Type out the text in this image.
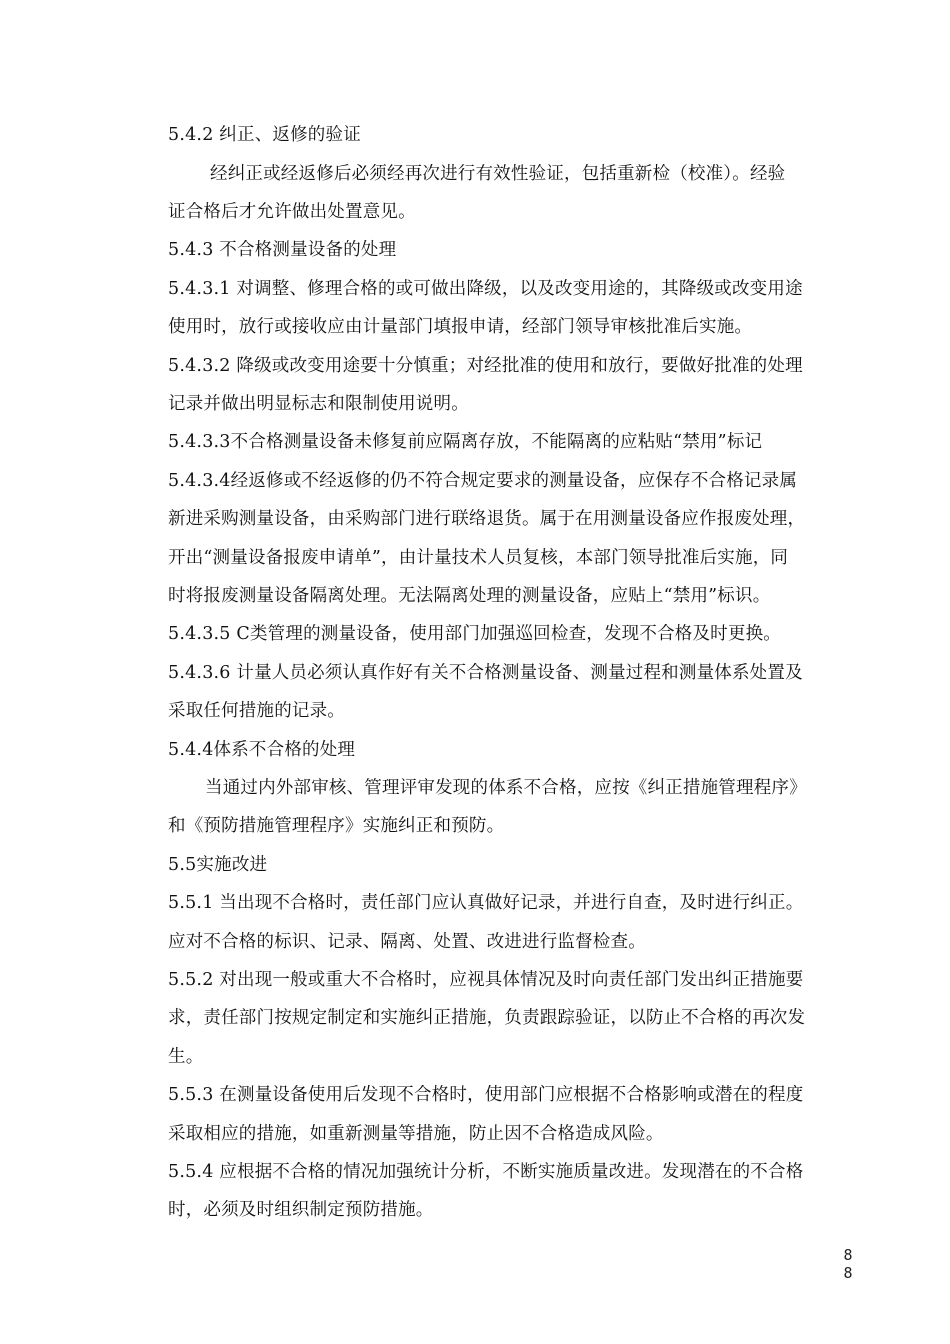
5.4.2 纠正、返修的验证
经纠正或经返修后必须经再次进行有效性验证，包括重新检（校准）。经验
证合格后才允许做出处置意见。
5.4.3 不合格测量设备的处理
5.4.3.1 对调整、修理合格的或可做出降级，以及改变用途的，其降级或改变用途
使用时，放行或接收应由计量部门填报申请，经部门领导审核批准后实施。
5.4.3.2 降级或改变用途要十分慎重；对经批准的使用和放行，要做好批准的处理
记录并做出明显标志和限制使用说明。
5.4.3.3不合格测量设备未修复前应隔离存放，不能隔离的应粘贴“禁用”标记
5.4.3.4经返修或不经返修的仍不符合规定要求的测量设备，应保存不合格记录属
新进采购测量设备，由采购部门进行联络退货。属于在用测量设备应作报废处理，
开出“测量设备报废申请单”，由计量技术人员复核，本部门领导批准后实施，同
时将报废测量设备隔离处理。无法隔离处理的测量设备，应贴上“禁用”标识。
5.4.3.5 C类管理的测量设备，使用部门加强巡回检查，发现不合格及时更换。
5.4.3.6 计量人员必须认真作好有关不合格测量设备、测量过程和测量体系处置及
采取任何措施的记录。
5.4.4体系不合格的处理
当通过内外部审核、管理评审发现的体系不合格，应按《纠正措施管理程序》
和《预防措施管理程序》实施纠正和预防。
5.5实施改进
5.5.1 当出现不合格时，责任部门应认真做好记录，并进行自查，及时进行纠正。
应对不合格的标识、记录、隔离、处置、改进进行监督检查。
5.5.2 对出现一般或重大不合格时，应视具体情况及时向责任部门发出纠正措施要
求，责任部门按规定制定和实施纠正措施，负责跟踪验证，以防止不合格的再次发
生。
5.5.3 在测量设备使用后发现不合格时，使用部门应根据不合格影响或潜在的程度
采取相应的措施，如重新测量等措施，防止因不合格造成风险。
5.5.4 应根据不合格的情况加强统计分析，不断实施质量改进。发现潜在的不合格
时，必须及时组织制定预防措施。
8
8
